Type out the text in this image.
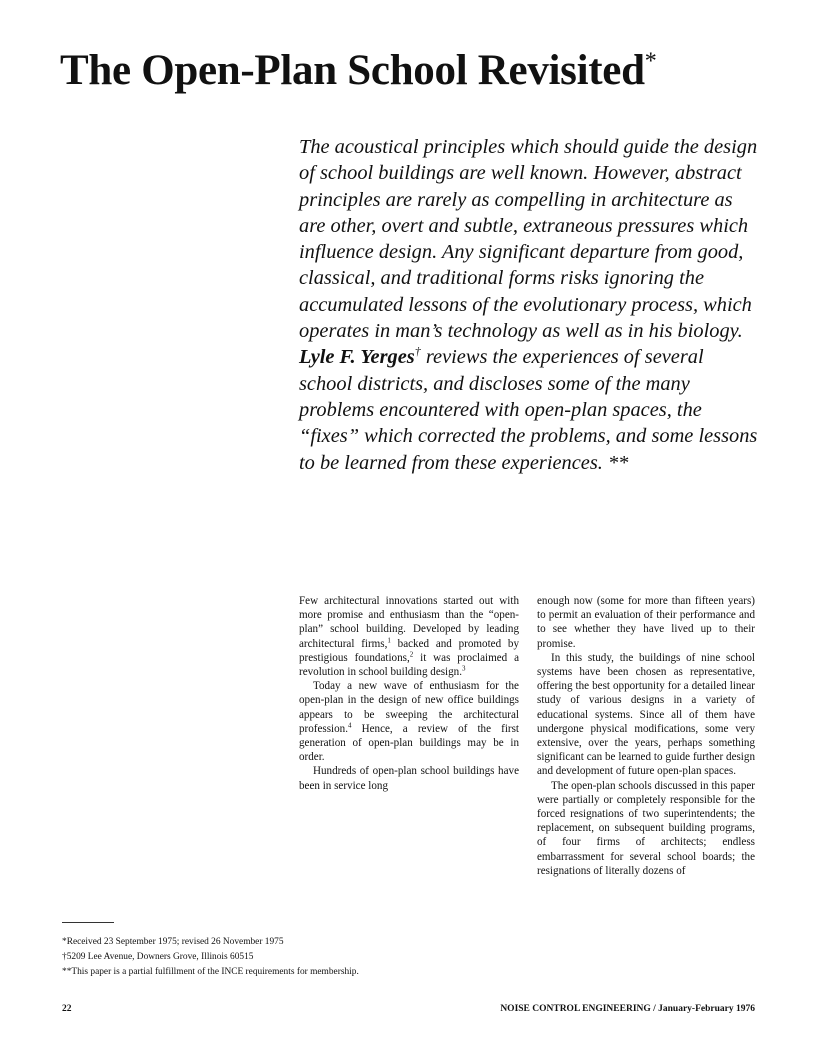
The Open-Plan School Revisited*

The acoustical principles which should guide the design of school buildings are well known. However, abstract principles are rarely as compelling in architecture as are other, overt and subtle, extraneous pressures which influence design. Any significant departure from good, classical, and traditional forms risks ignoring the accumulated lessons of the evolutionary process, which operates in man’s technology as well as in his biology. Lyle F. Yerges† reviews the experiences of several school districts, and discloses some of the many problems encountered with open-plan spaces, the “fixes” which corrected the problems, and some lessons to be learned from these experiences. **

Few architectural innovations started out with more promise and enthusiasm than the “open-plan” school building. Developed by leading architectural firms,$^1$ backed and promoted by prestigious foundations,$^2$ it was proclaimed a revolution in school building design.$^3$

Today a new wave of enthusiasm for the open-plan in the design of new office buildings appears to be sweeping the architectural profession.$^4$ Hence, a review of the first generation of open-plan buildings may be in order.

Hundreds of open-plan school buildings have been in service long

enough now (some for more than fifteen years) to permit an evaluation of their performance and to see whether they have lived up to their promise.

In this study, the buildings of nine school systems have been chosen as representative, offering the best opportunity for a detailed linear study of various designs in a variety of educational systems. Since all of them have undergone physical modifications, some very extensive, over the years, perhaps something significant can be learned to guide further design and development of future open-plan spaces.

The open-plan schools discussed in this paper were partially or completely responsible for the forced resignations of two superintendents; the replacement, on subsequent building programs, of four firms of architects; endless embarrassment for several school boards; the resignations of literally dozens of

*Received 23 September 1975; revised 26 November 1975
†5209 Lee Avenue, Downers Grove, Illinois 60515
**This paper is a partial fulfillment of the INCE requirements for membership.
22	NOISE CONTROL ENGINEERING / January-February 1976
